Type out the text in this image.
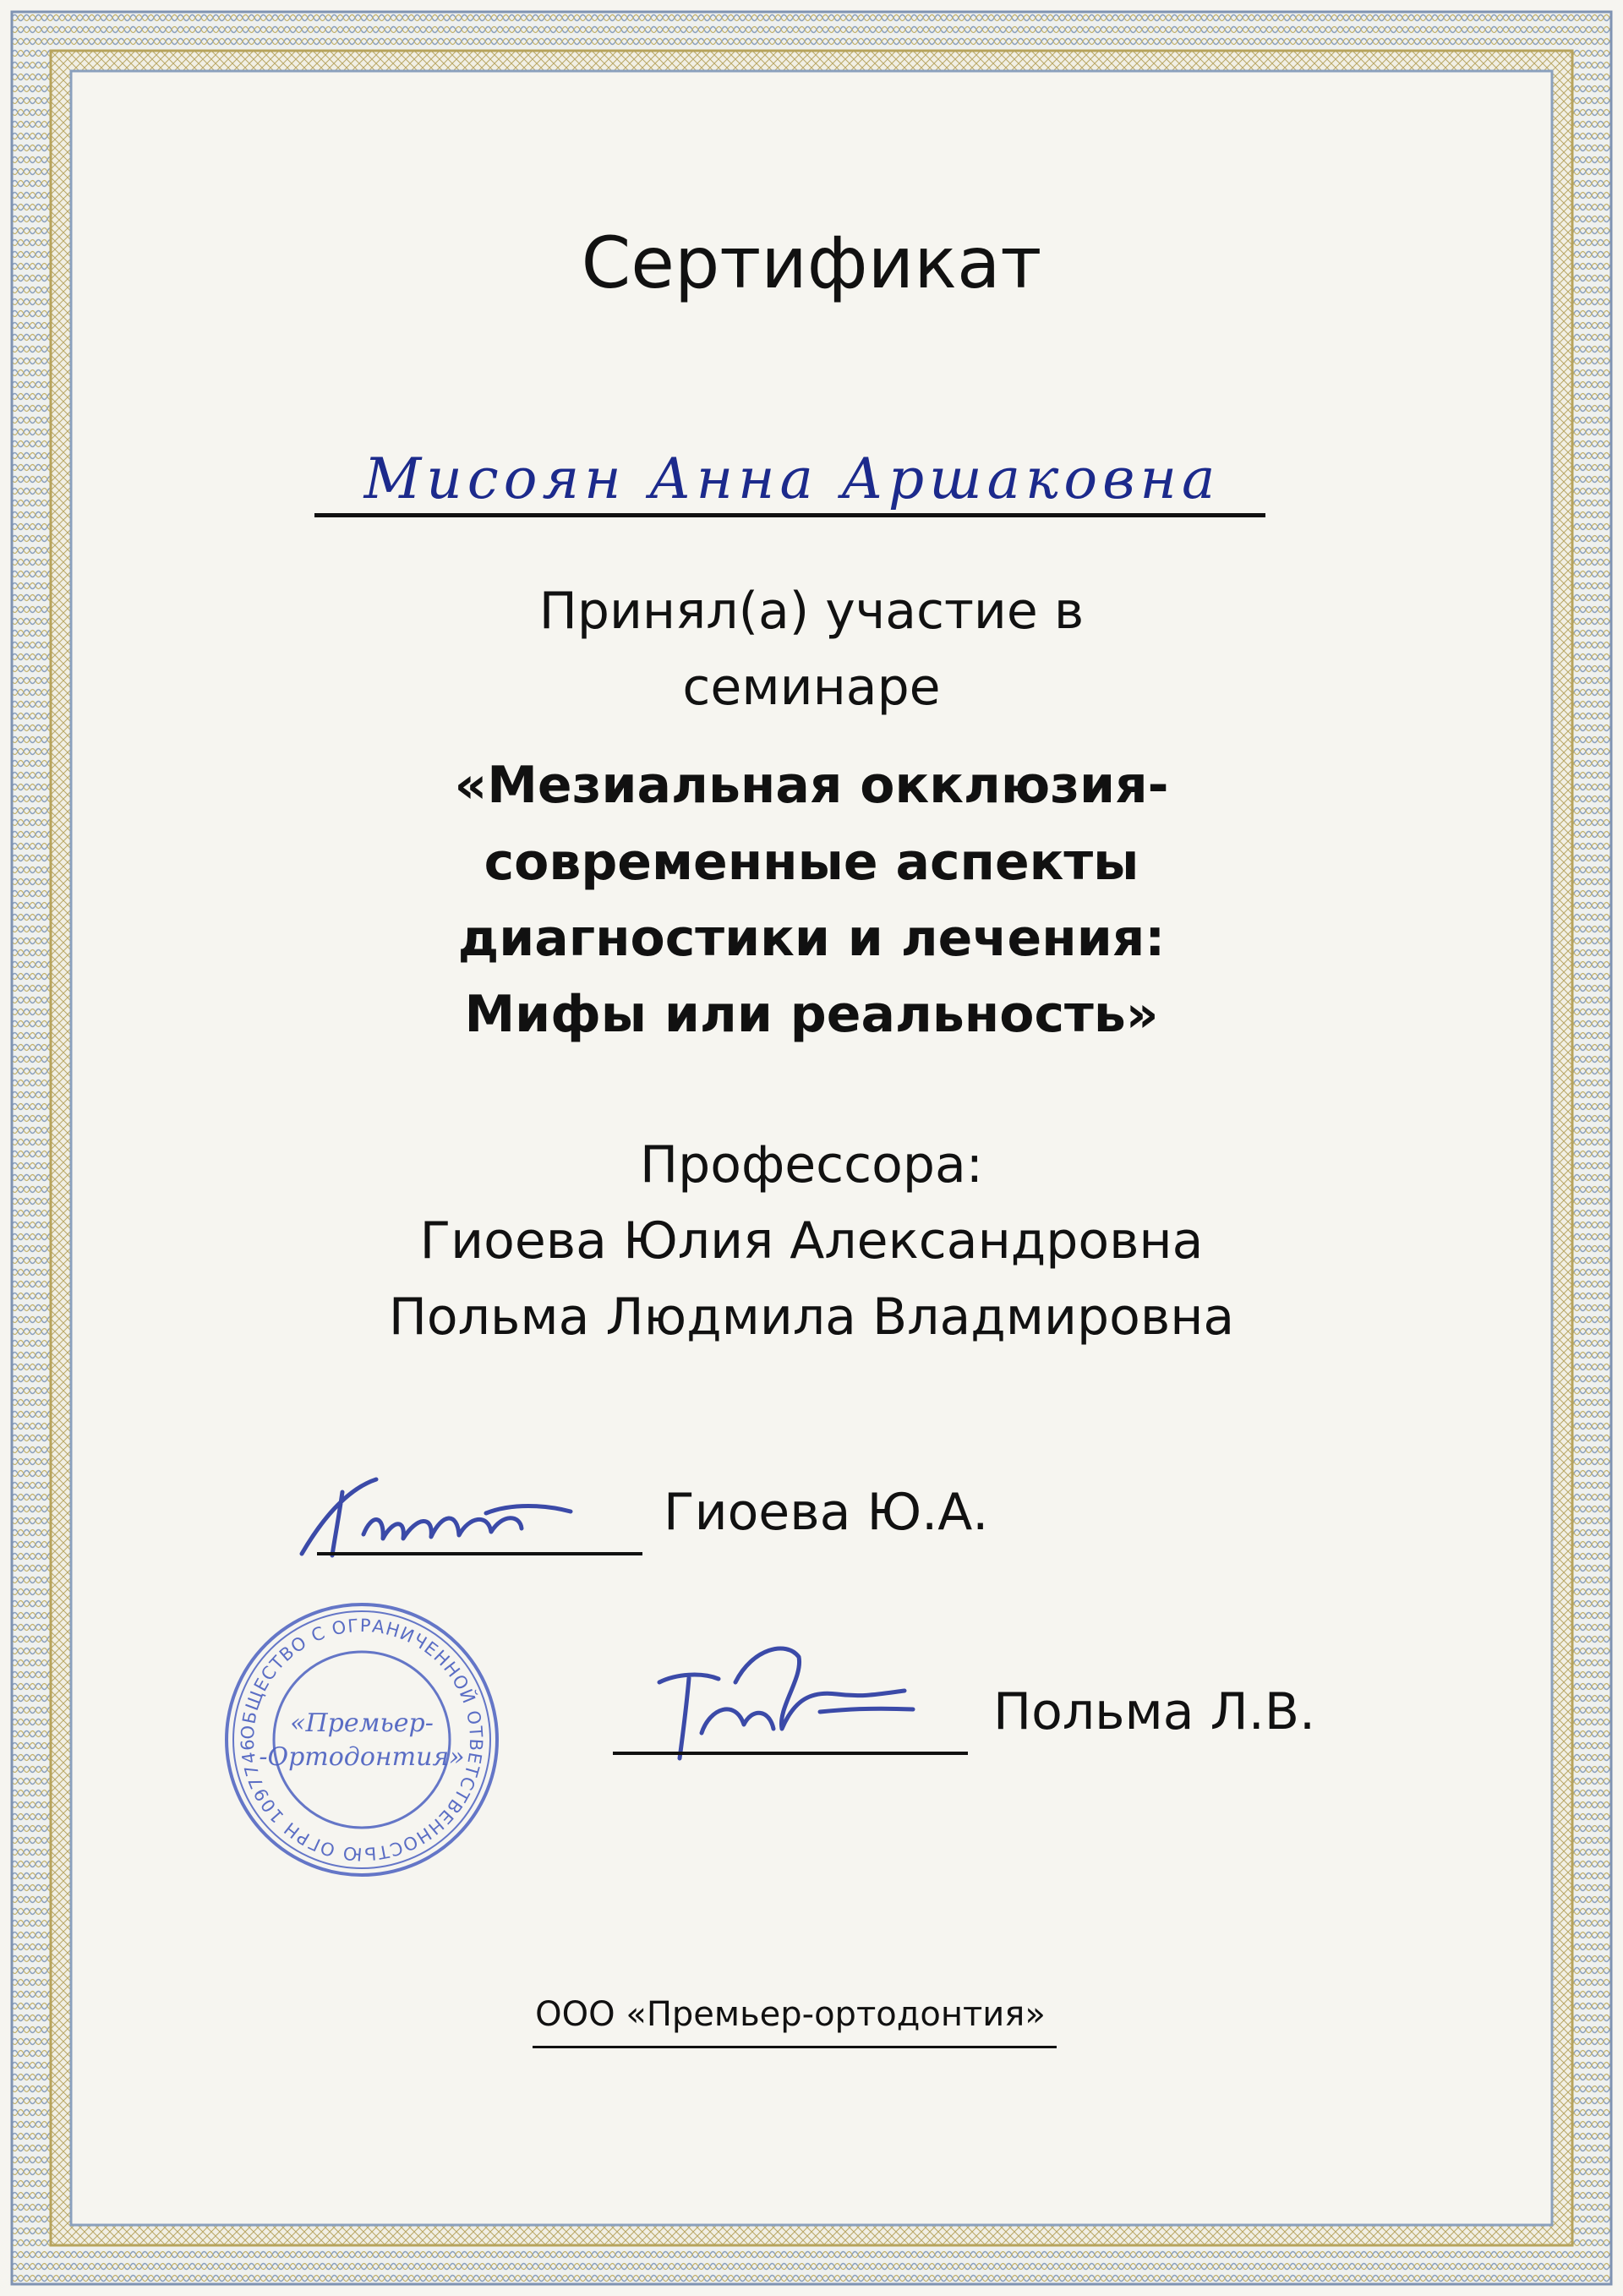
Сертификат
Мисоян Анна Аршаковна
Принял(а) участие в
семинаре
«Мезиальная окклюзия-
современные аспекты
диагностики и лечения:
Мифы или реальность»
Профессора:
Гиоева Юлия Александровна
Польма Людмила Владмировна
Гиоева Ю.А.
Польма Л.В.
ОБЩЕСТВО С ОГРАНИЧЕННОЙ ОТВЕТСТВЕННОСТЬЮ ОГРН 1097746
«Премьер-
-Ортодонтия»
ООО «Премьер-ортодонтия»
